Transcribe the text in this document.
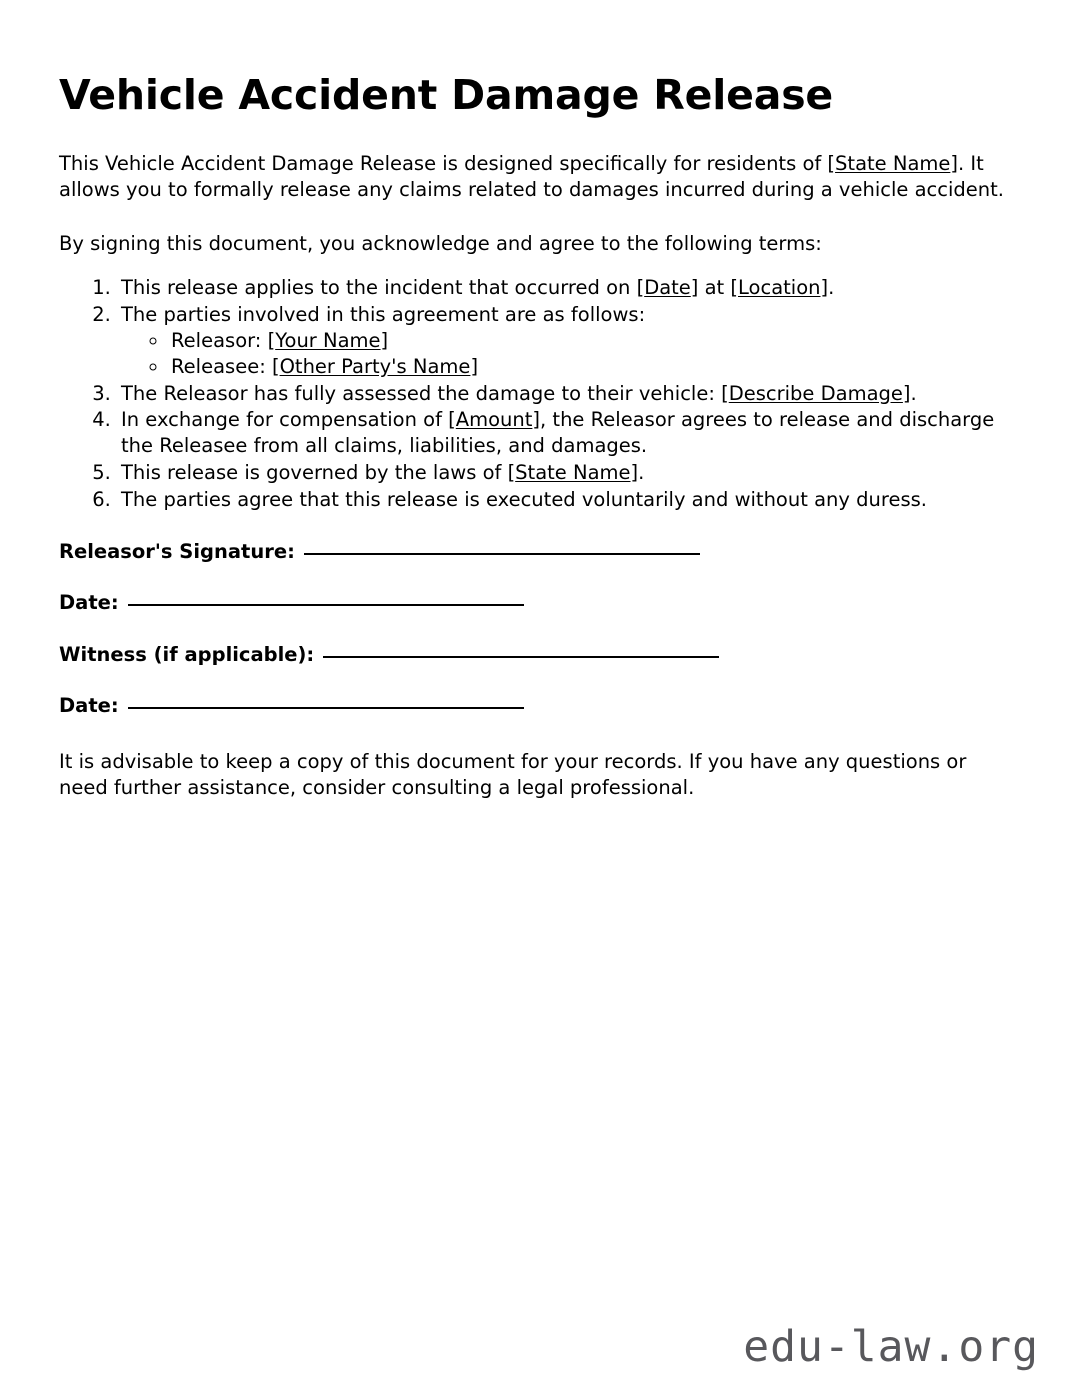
Vehicle Accident Damage Release

This Vehicle Accident Damage Release is designed specifically for residents of [State Name]. It allows you to formally release any claims related to damages incurred during a vehicle accident.

By signing this document, you acknowledge and agree to the following terms:

1. This release applies to the incident that occurred on [Date] at [Location].
2. The parties involved in this agreement are as follows:
◦ Releasor: [Your Name]
◦ Releasee: [Other Party's Name]
3. The Releasor has fully assessed the damage to their vehicle: [Describe Damage].
4. In exchange for compensation of [Amount], the Releasor agrees to release and discharge the Releasee from all claims, liabilities, and damages.
5. This release is governed by the laws of [State Name].
6. The parties agree that this release is executed voluntarily and without any duress.
Releasor's Signature:
Date:
Witness (if applicable):
Date:

It is advisable to keep a copy of this document for your records. If you have any questions or need further assistance, consider consulting a legal professional.

edu-law.org
